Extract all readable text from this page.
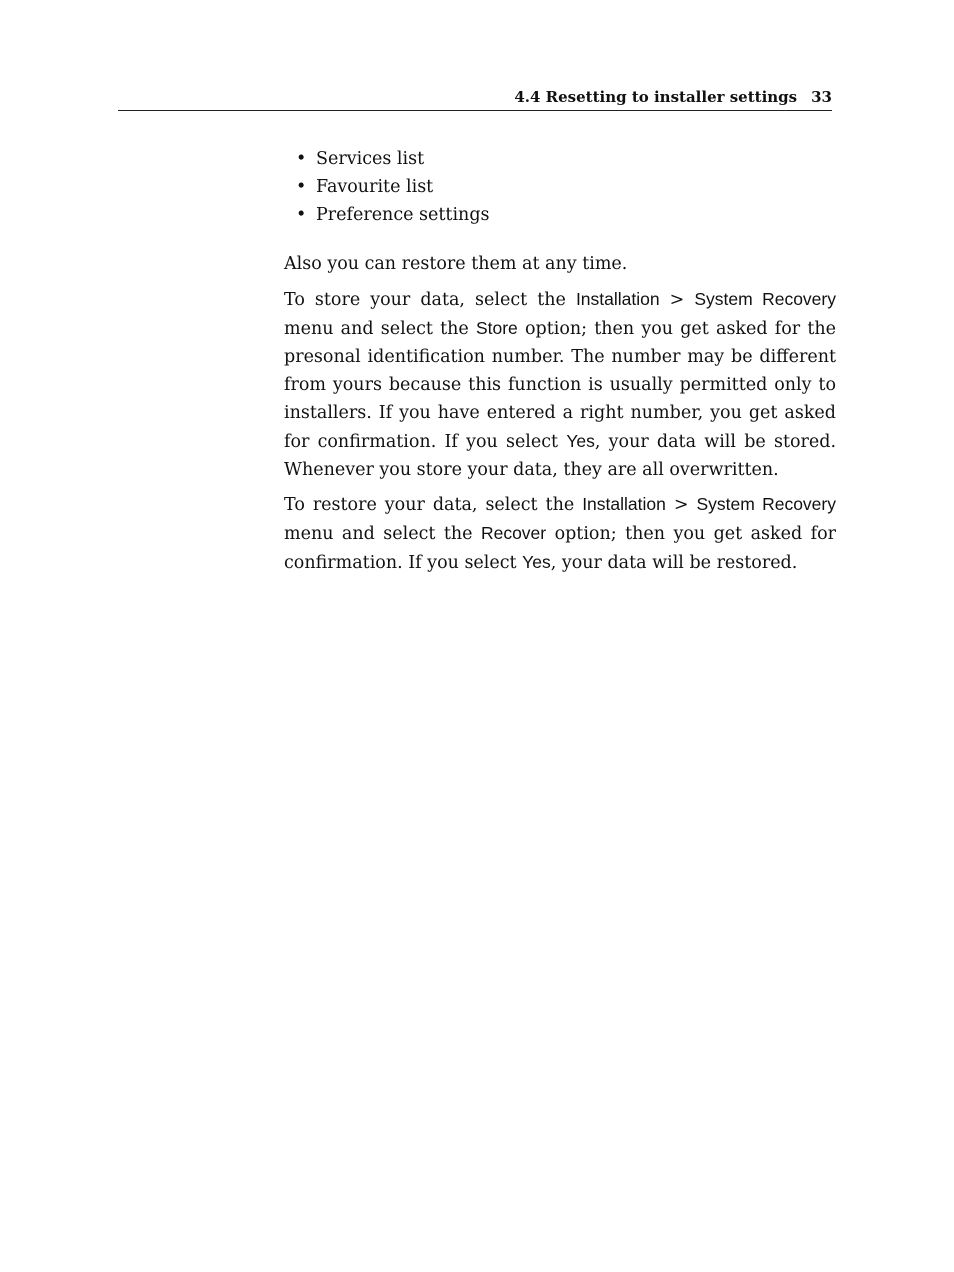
4.4 Resetting to installer settings 33
• Services list
• Favourite list
• Preference settings

Also you can restore them at any time.

To store your data, select the Installation > System Recovery menu and select the Store option; then you get asked for the presonal identification number. The number may be different from yours because this function is usually permitted only to installers. If you have entered a right number, you get asked for confirmation. If you select Yes, your data will be stored. Whenever you store your data, they are all overwritten.

To restore your data, select the Installation > System Recovery menu and select the Recover option; then you get asked for confirmation. If you select Yes, your data will be restored.
